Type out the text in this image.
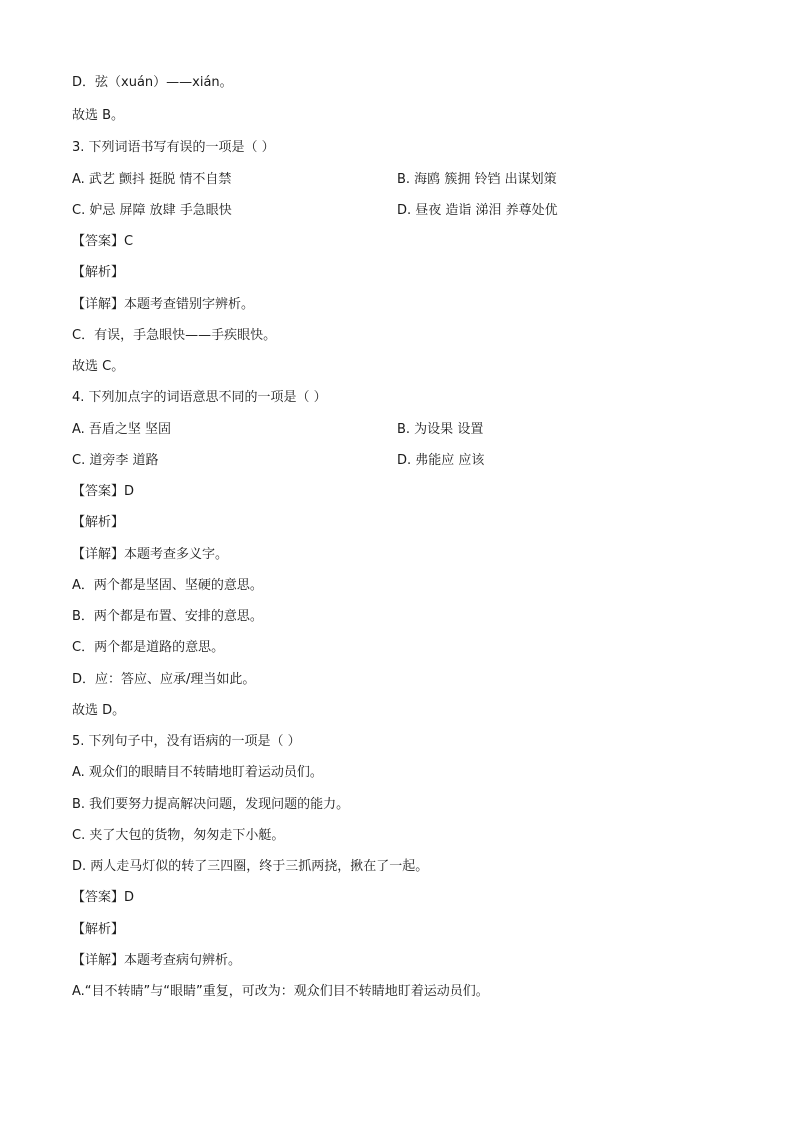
D．弦（xuán）——xián。
故选 B。
3. 下列词语书写有误的一项是（ ）
A. 武艺 颤抖 挺脱 情不自禁	B. 海鸥 簇拥 铃铛 出谋划策
C. 妒忌 屏障 放肆 手急眼快	D. 昼夜 造诣 涕泪 养尊处优
【答案】C
【解析】
【详解】本题考查错别字辨析。
C．有误，手急眼快——手疾眼快。
故选 C。
4. 下列加点字的词语意思不同的一项是（ ）
A. 吾盾之坚 坚固	B. 为设果 设置
C. 道旁李 道路	D. 弗能应 应该
【答案】D
【解析】
【详解】本题考查多义字。
A．两个都是坚固、坚硬的意思。
B．两个都是布置、安排的意思。
C．两个都是道路的意思。
D．应：答应、应承/理当如此。
故选 D。
5. 下列句子中，没有语病的一项是（ ）
A. 观众们的眼睛目不转睛地盯着运动员们。
B. 我们要努力提高解决问题，发现问题的能力。
C. 夹了大包的货物，匆匆走下小艇。
D. 两人走马灯似的转了三四圈，终于三抓两挠，揪在了一起。
【答案】D
【解析】
【详解】本题考查病句辨析。
A.“目不转睛”与“眼睛”重复，可改为：观众们目不转睛地盯着运动员们。
